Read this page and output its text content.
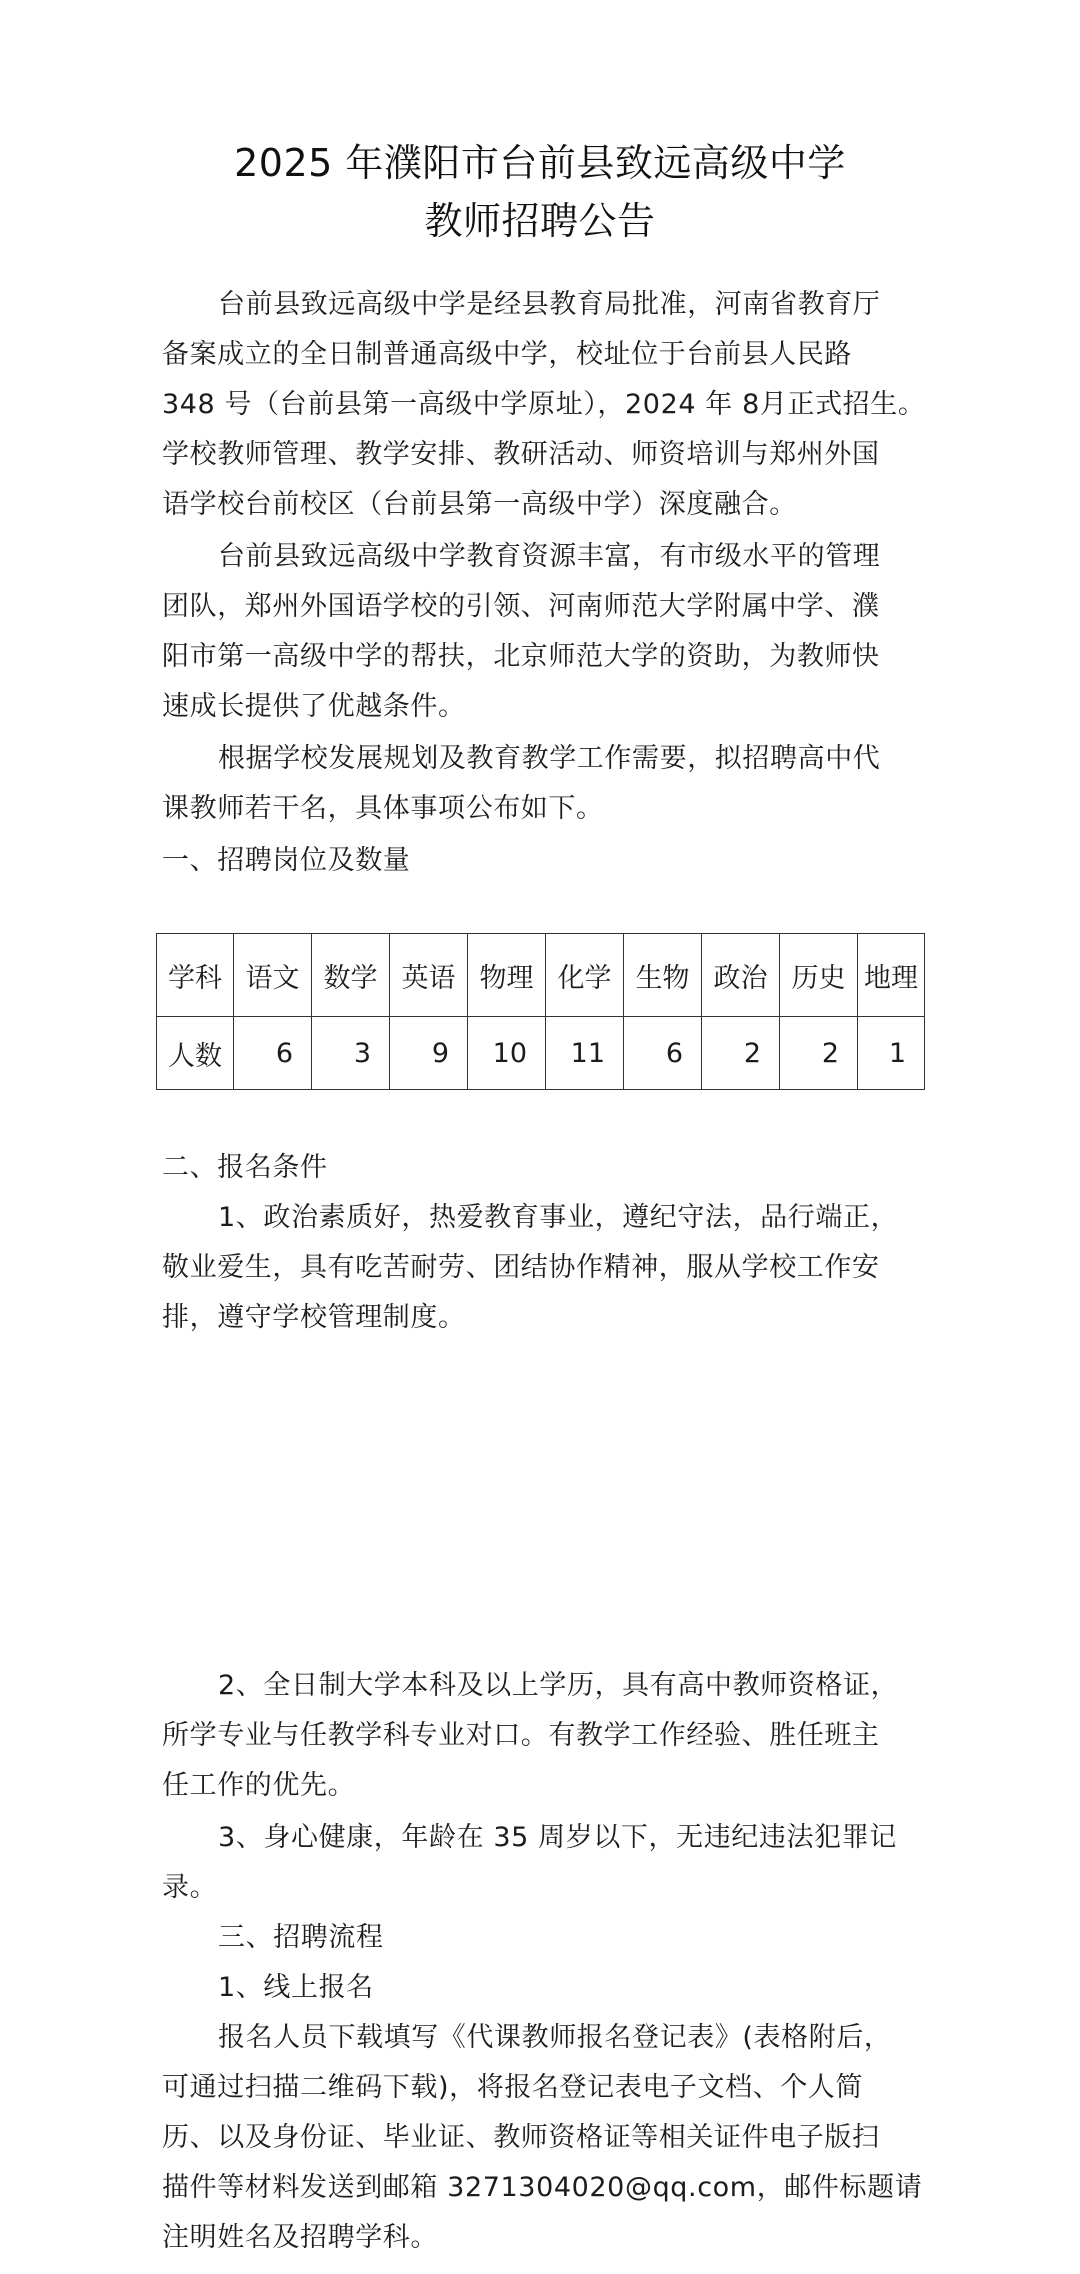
2025 年濮阳市台前县致远高级中学
教师招聘公告
台前县致远高级中学是经县教育局批准，河南省教育厅
备案成立的全日制普通高级中学，校址位于台前县人民路
348 号（台前县第一高级中学原址），2024 年 8月正式招生。
学校教师管理、教学安排、教研活动、师资培训与郑州外国
语学校台前校区（台前县第一高级中学）深度融合。
台前县致远高级中学教育资源丰富，有市级水平的管理
团队，郑州外国语学校的引领、河南师范大学附属中学、濮
阳市第一高级中学的帮扶，北京师范大学的资助，为教师快
速成长提供了优越条件。
根据学校发展规划及教育教学工作需要，拟招聘高中代
课教师若干名，具体事项公布如下。
一、招聘岗位及数量
学科	语文	数学	英语	物理	化学	生物	政治	历史	地理
人数	6	3	9	10	11	6	2	2	1
二、报名条件
1、政治素质好，热爱教育事业，遵纪守法，品行端正，
敬业爱生，具有吃苦耐劳、团结协作精神，服从学校工作安
排，遵守学校管理制度。
2、全日制大学本科及以上学历，具有高中教师资格证，
所学专业与任教学科专业对口。有教学工作经验、胜任班主
任工作的优先。
3、身心健康，年龄在 35 周岁以下，无违纪违法犯罪记
录。
三、招聘流程
1、线上报名
报名人员下载填写《代课教师报名登记表》(表格附后，
可通过扫描二维码下载)，将报名登记表电子文档、个人简
历、以及身份证、毕业证、教师资格证等相关证件电子版扫
描件等材料发送到邮箱 3271304020@qq.com，邮件标题请
注明姓名及招聘学科。
